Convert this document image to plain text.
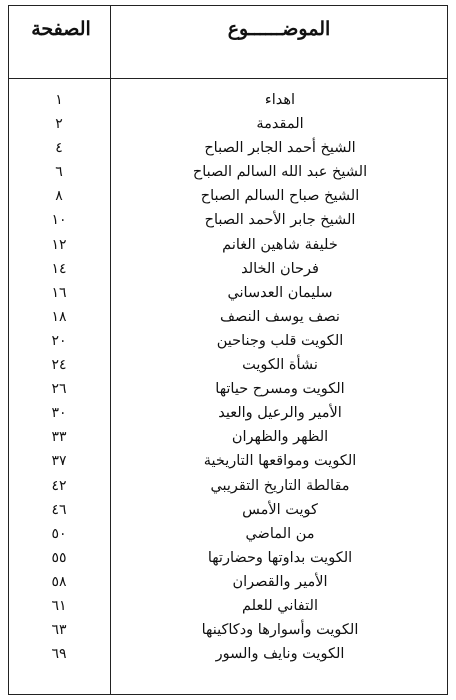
الصفحة	الموضــــــوع
١	اهداء
٢	المقدمة
٤	الشيخ أحمد الجابر الصباح
٦	الشيخ عبد الله السالم الصباح
٨	الشيخ صباح السالم الصباح
١٠	الشيخ جابر الأحمد الصباح
١٢	خليفة شاهين الغانم
١٤	فرحان الخالد
١٦	سليمان العدساني
١٨	نصف يوسف النصف
٢٠	الكويت قلب وجناحين
٢٤	نشأة الكويت
٢٦	الكويت ومسرح حياتها
٣٠	الأمير والرعيل والعيد
٣٣	الظهر والظهران
٣٧	الكويت ومواقعها التاريخية
٤٢	مقالطة التاريخ التقريبي
٤٦	كويت الأمس
٥٠	من الماضي
٥٥	الكويت بداوتها وحضارتها
٥٨	الأمير والقصران
٦١	التفاني للعلم
٦٣	الكويت وأسوارها ودكاكينها
٦٩	الكويت ونايف والسور
